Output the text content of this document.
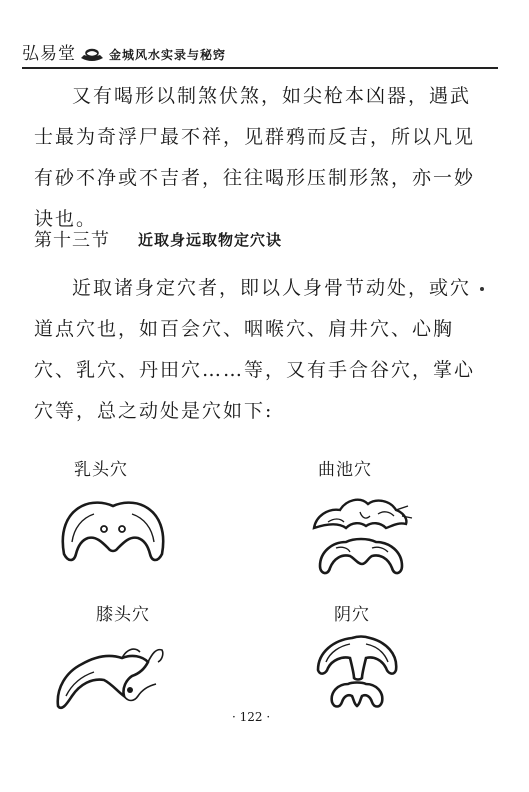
弘易堂	金城风水实录与秘窍

又有喝形以制煞伏煞，如尖枪本凶器，遇武士最为奇浮尸最不祥，见群鸦而反吉，所以凡见有砂不净或不吉者，往往喝形压制形煞，亦一妙诀也。

第十三节 近取身远取物定穴诀

近取诸身定穴者，即以人身骨节动处，或穴道点穴也，如百会穴、咽喉穴、肩井穴、心胸穴、乳穴、丹田穴……等，又有手合谷穴，掌心穴等，总之动处是穴如下:

乳头穴	曲池穴
膝头穴	阴穴
· 122 ·
